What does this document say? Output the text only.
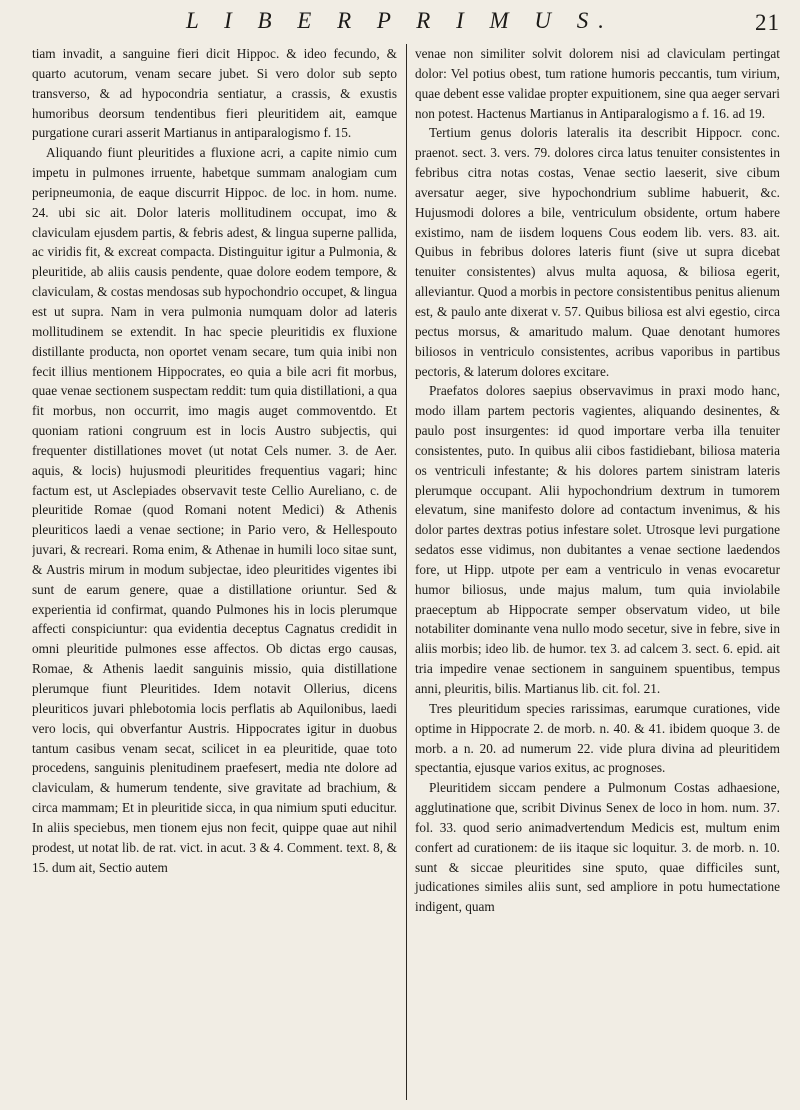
L I B E R P R I M U S.	21

tiam invadit, a sanguine fieri dicit Hippoc. & ideo fecundo, & quarto acutorum, venam secare jubet. Si vero dolor sub septo transverso, & ad hypocondria sentiatur, a crassis, & exustis humoribus deorsum tendentibus fieri pleuritidem ait, eamque purgatione curari asserit Martianus in antiparalogismo f. 15.

Aliquando fiunt pleuritides a fluxione acri, a capite nimio cum impetu in pulmones irruente, habetque summam analogiam cum peripneumonia, de eaque discurrit Hippoc. de loc. in hom. nume. 24. ubi sic ait. Dolor lateris mollitudinem occupat, imo & claviculam ejusdem partis, & febris adest, & lingua superne pallida, ac viridis fit, & excreat compacta. Distinguitur igitur a Pulmonia, & pleuritide, ab aliis causis pendente, quae dolore eodem tempore, & claviculam, & costas mendosas sub hypochondrio occupet, & lingua est ut supra. Nam in vera pulmonia numquam dolor ad lateris mollitudinem se extendit. In hac specie pleuritidis ex fluxione distillante producta, non oportet venam secare, tum quia inibi non fecit illius mentionem Hippocrates, eo quia a bile acri fit morbus, quae venae sectionem suspectam reddit: tum quia distillationi, a qua fit morbus, non occurrit, imo magis auget commoventdo. Et quoniam rationi congruum est in locis Austro subjectis, qui frequenter distillationes movet (ut notat Cels numer. 3. de Aer. aquis, & locis) hujusmodi pleuritides frequentius vagari; hinc factum est, ut Asclepiades observavit teste Cellio Aureliano, c. de pleuritide Romae (quod Romani notent Medici) & Athenis pleuriticos laedi a venae sectione; in Pario vero, & Hellespouto juvari, & recreari. Roma enim, & Athenae in humili loco sitae sunt, & Austris mirum in modum subjectae, ideo pleuritides vigentes ibi sunt de earum genere, quae a distillatione oriuntur. Sed & experientia id confirmat, quando Pulmones his in locis plerumque affecti conspiciuntur: qua evidentia deceptus Cagnatus credidit in omni pleuritide pulmones esse affectos. Ob dictas ergo causas, Romae, & Athenis laedit sanguinis missio, quia distillatione plerumque fiunt Pleuritides. Idem notavit Ollerius, dicens pleuriticos juvari phlebotomia locis perflatis ab Aquilonibus, laedi vero locis, qui obverfantur Austris. Hippocrates igitur in duobus tantum casibus venam secat, scilicet in ea pleuritide, quae toto procedens, sanguinis plenitudinem praefesert, media nte dolore ad claviculam, & humerum tendente, sive gravitate ad brachium, & circa mammam; Et in pleuritide sicca, in qua nimium sputi educitur. In aliis speciebus, men tionem ejus non fecit, quippe quae aut nihil prodest, ut notat lib. de rat. vict. in acut. 3 & 4. Comment. text. 8, & 15. dum ait, Sectio autem

venae non similiter solvit dolorem nisi ad claviculam pertingat dolor: Vel potius obest, tum ratione humoris peccantis, tum virium, quae debent esse validae propter expuitionem, sine qua aeger servari non potest. Hactenus Martianus in Antiparalogismo a f. 16. ad 19.

Tertium genus doloris lateralis ita describit Hippocr. conc. praenot. sect. 3. vers. 79. dolores circa latus tenuiter consistentes in febribus citra notas costas, Venae sectio laeserit, sive cibum aversatur aeger, sive hypochondrium sublime habuerit, &c. Hujusmodi dolores a bile, ventriculum obsidente, ortum habere existimo, nam de iisdem loquens Cous eodem lib. vers. 83. ait. Quibus in febribus dolores lateris fiunt (sive ut supra dicebat tenuiter consistentes) alvus multa aquosa, & biliosa egerit, alleviantur. Quod a morbis in pectore consistentibus penitus alienum est, & paulo ante dixerat v. 57. Quibus biliosa est alvi egestio, circa pectus morsus, & amaritudo malum. Quae denotant humores biliosos in ventriculo consistentes, acribus vaporibus in partibus pectoris, & laterum dolores excitare.

Praefatos dolores saepius observavimus in praxi modo hanc, modo illam partem pectoris vagientes, aliquando desinentes, & paulo post insurgentes: id quod importare verba illa tenuiter consistentes, puto. In quibus alii cibos fastidiebant, biliosa materia os ventriculi infestante; & his dolores partem sinistram lateris plerumque occupant. Alii hypochondrium dextrum in tumorem elevatum, sine manifesto dolore ad contactum invenimus, & his dolor partes dextras potius infestare solet. Utrosque levi purgatione sedatos esse vidimus, non dubitantes a venae sectione laedendos fore, ut Hipp. utpote per eam a ventriculo in venas evocaretur humor biliosus, unde majus malum, tum quia inviolabile praeceptum ab Hippocrate semper observatum video, ut bile notabiliter dominante vena nullo modo secetur, sive in febre, sive in aliis morbis; ideo lib. de humor. tex 3. ad calcem 3. sect. 6. epid. ait tria impedire venae sectionem in sanguinem spuentibus, tempus anni, pleuritis, bilis. Martianus lib. cit. fol. 21.

Tres pleuritidum species rarissimas, earumque curationes, vide optime in Hippocrate 2. de morb. n. 40. & 41. ibidem quoque 3. de morb. a n. 20. ad numerum 22. vide plura divina ad pleuritidem spectantia, ejusque varios exitus, ac prognoses.

Pleuritidem siccam pendere a Pulmonum Costas adhaesione, agglutinatione que, scribit Divinus Senex de loco in hom. num. 37. fol. 33. quod serio animadvertendum Medicis est, multum enim confert ad curationem: de iis itaque sic loquitur. 3. de morb. n. 10. sunt & siccae pleuritides sine sputo, quae difficiles sunt, judicationes similes aliis sunt, sed ampliore in potu humectatione indigent, quam
